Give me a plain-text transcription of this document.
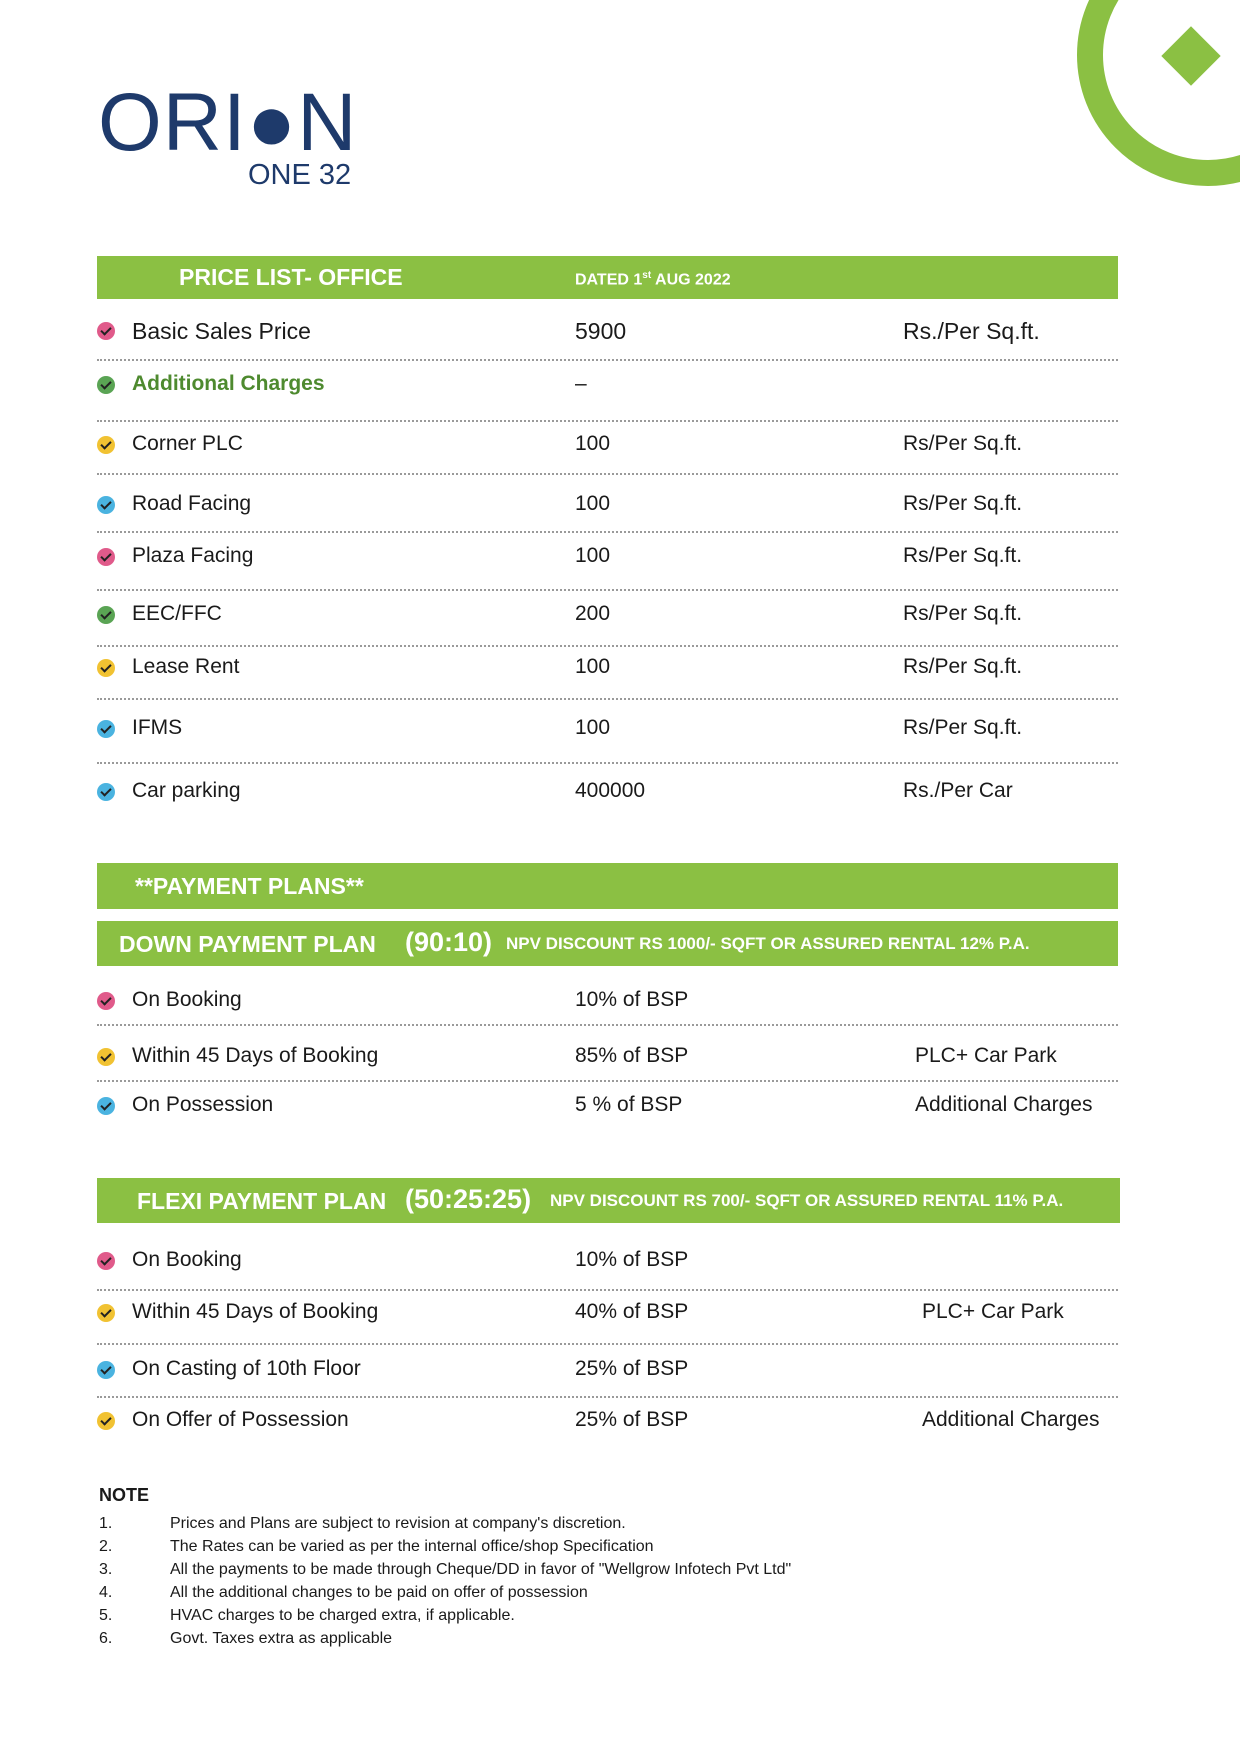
ORI●N
ONE 32
PRICE LIST- OFFICE	DATED 1st AUG 2022
Basic Sales Price	5900	Rs./Per Sq.ft.
Additional Charges	–
Corner PLC	100	Rs/Per Sq.ft.
Road Facing	100	Rs/Per Sq.ft.
Plaza Facing	100	Rs/Per Sq.ft.
EEC/FFC	200	Rs/Per Sq.ft.
Lease Rent	100	Rs/Per Sq.ft.
IFMS	100	Rs/Per Sq.ft.
Car parking	400000	Rs./Per Car
**PAYMENT PLANS**
DOWN PAYMENT PLAN (90:10) NPV DISCOUNT RS 1000/- SQFT OR ASSURED RENTAL 12% P.A.
On Booking	10% of BSP
Within 45 Days of Booking	85% of BSP	PLC+ Car Park
On Possession	5 % of BSP	Additional Charges
FLEXI PAYMENT PLAN (50:25:25) NPV DISCOUNT RS 700/- SQFT OR ASSURED RENTAL 11% P.A.
On Booking	10% of BSP
Within 45 Days of Booking	40% of BSP	PLC+ Car Park
On Casting of 10th Floor	25% of BSP
On Offer of Possession	25% of BSP	Additional Charges
NOTE
1.	Prices and Plans are subject to revision at company's discretion.
2.	The Rates can be varied as per the internal office/shop Specification
3.	All the payments to be made through Cheque/DD in favor of "Wellgrow Infotech Pvt Ltd"
4.	All the additional changes to be paid on offer of possession
5.	HVAC charges to be charged extra, if applicable.
6.	Govt. Taxes extra as applicable
